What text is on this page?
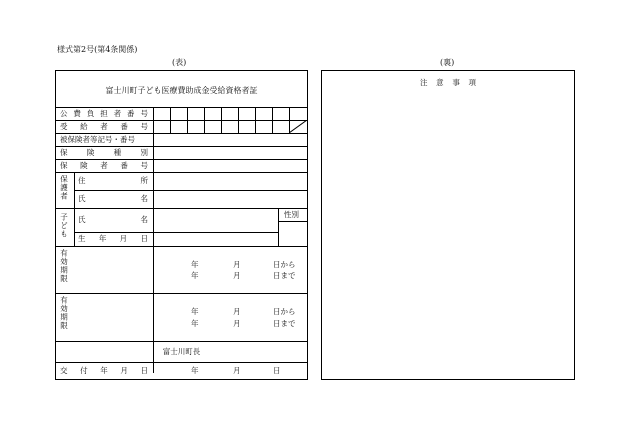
様式第2号(第4条関係)
(表)	(裏)
富士川町子ども医療費助成金受給資格者証
公 費 負 担 者 番 号
受 給 者 番 号
被保険者等記号・番号
保	険	種	別
保 険 者 番 号
保護者 住	所
氏	名
子ども 氏	名
性別
生 年 月 日
有効期限	年	月	日から
年	月	日まで
有効期限	年	月	日から
年	月	日まで
富士川町長
交 付 年 月 日	年	月	日
注 意 事 項
